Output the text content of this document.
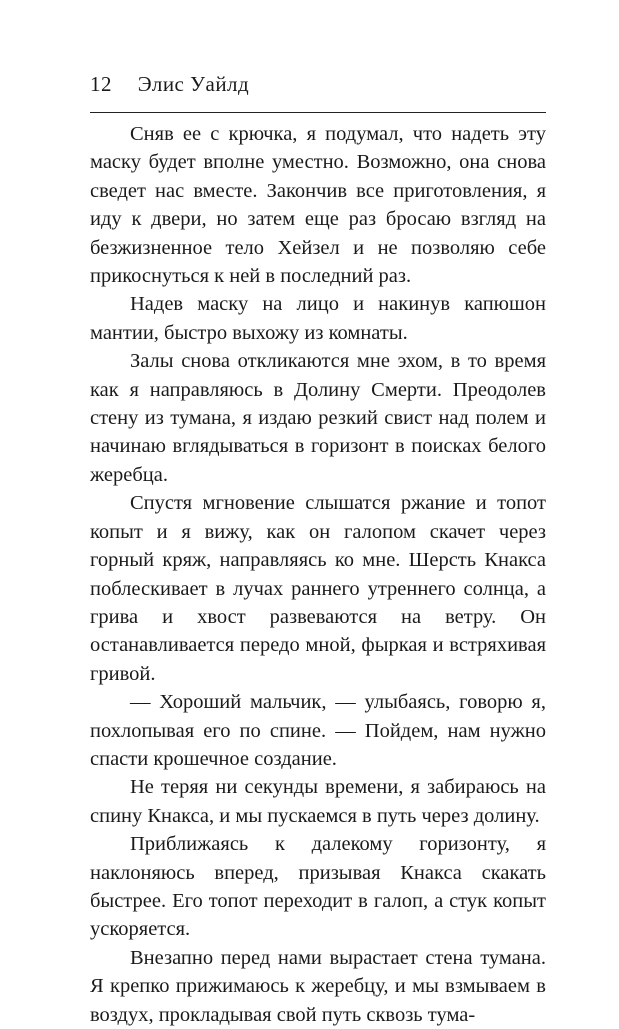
12 Элис Уайлд

Сняв ее с крючка, я подумал, что надеть эту маску будет вполне уместно. Возможно, она снова сведет нас вместе. Закончив все приготовления, я иду к двери, но затем еще раз бросаю взгляд на безжизненное тело Хейзел и не позволяю себе прикоснуться к ней в последний раз.

Надев маску на лицо и накинув капюшон мантии, быстро выхожу из комнаты.

Залы снова откликаются мне эхом, в то время как я направляюсь в Долину Смерти. Преодолев стену из тумана, я издаю резкий свист над полем и начинаю вглядываться в горизонт в поисках белого жеребца.

Спустя мгновение слышатся ржание и топот копыт и я вижу, как он галопом скачет через горный кряж, направляясь ко мне. Шерсть Кнакса поблескивает в лучах раннего утреннего солнца, а грива и хвост развеваются на ветру. Он останавливается передо мной, фыркая и встряхивая гривой.

— Хороший мальчик, — улыбаясь, говорю я, похлопывая его по спине. — Пойдем, нам нужно спасти крошечное создание.

Не теряя ни секунды времени, я забираюсь на спину Кнакса, и мы пускаемся в путь через долину.

Приближаясь к далекому горизонту, я наклоняюсь вперед, призывая Кнакса скакать быстрее. Его топот переходит в галоп, а стук копыт ускоряется.

Внезапно перед нами вырастает стена тумана. Я крепко прижимаюсь к жеребцу, и мы взмываем в воздух, прокладывая свой путь сквозь тума-
